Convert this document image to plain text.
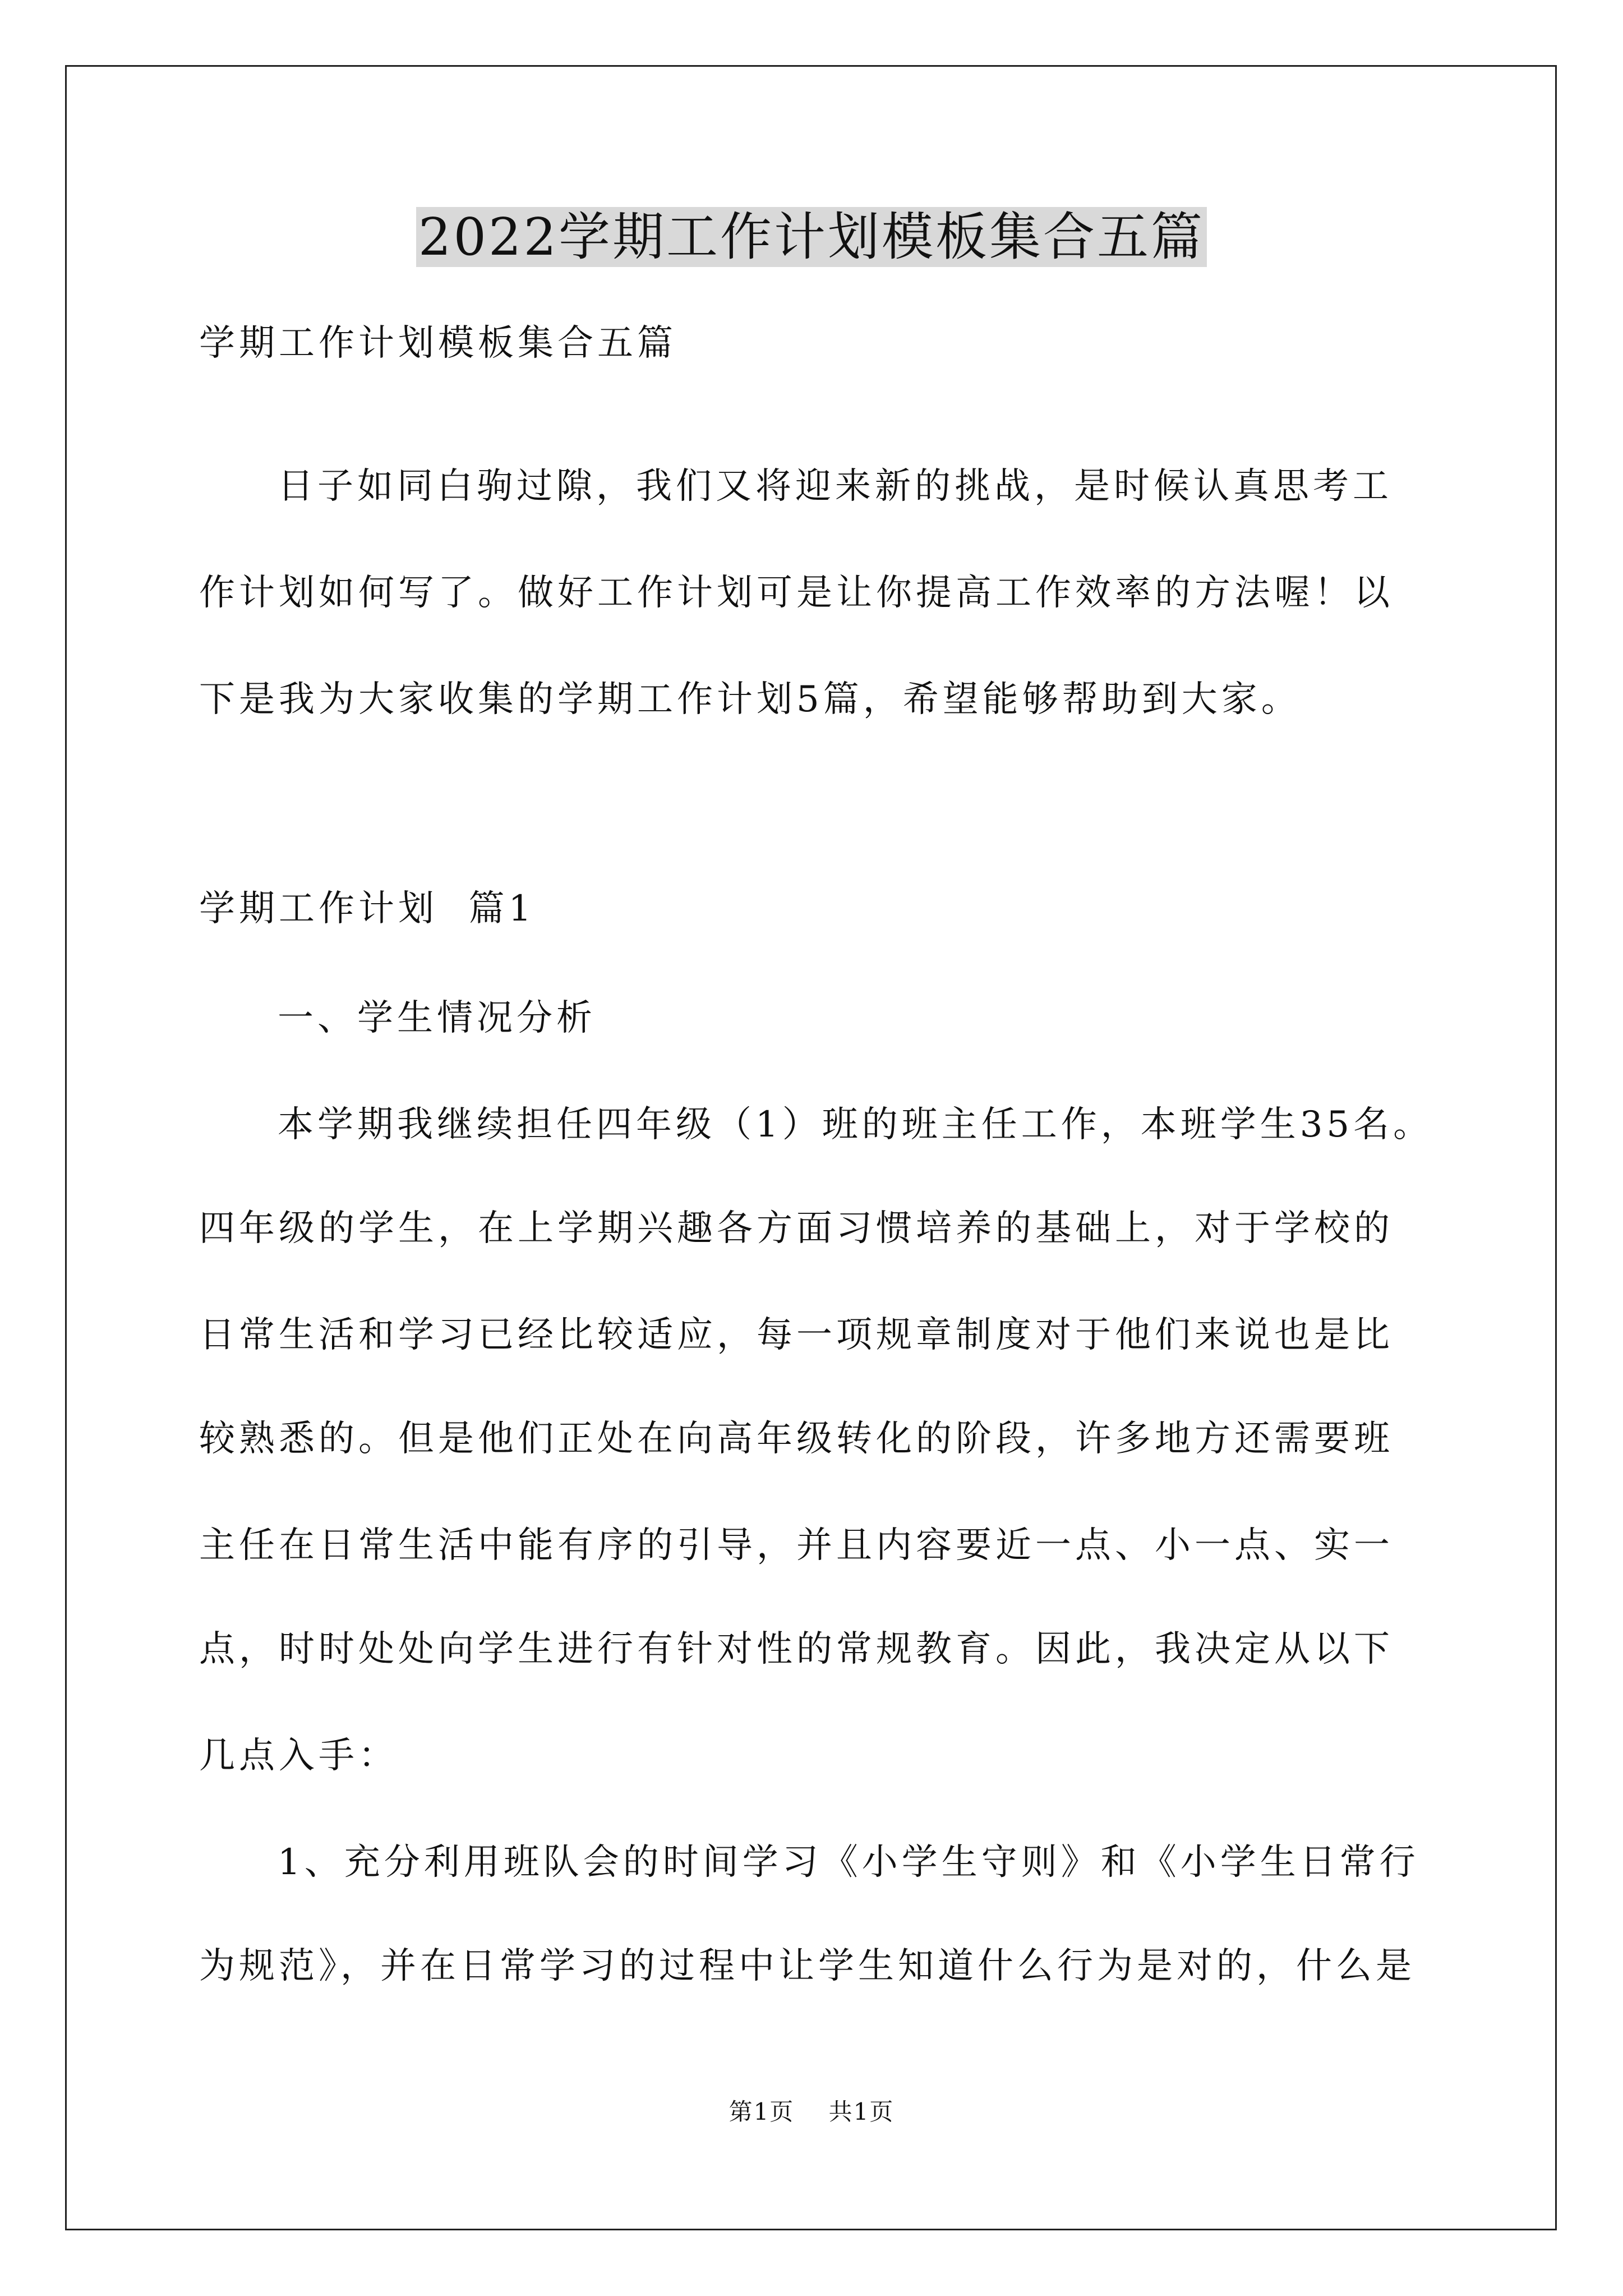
2022学期工作计划模板集合五篇

学期工作计划模板集合五篇

日子如同白驹过隙，我们又将迎来新的挑战，是时候认真思考工

作计划如何写了。做好工作计划可是让你提高工作效率的方法喔！以

下是我为大家收集的学期工作计划5篇，希望能够帮助到大家。

学期工作计划  篇1

一、学生情况分析

本学期我继续担任四年级（1）班的班主任工作，本班学生35名。

四年级的学生，在上学期兴趣各方面习惯培养的基础上，对于学校的

日常生活和学习已经比较适应，每一项规章制度对于他们来说也是比

较熟悉的。但是他们正处在向高年级转化的阶段，许多地方还需要班

主任在日常生活中能有序的引导，并且内容要近一点、小一点、实一

点，时时处处向学生进行有针对性的常规教育。因此，我决定从以下

几点入手：

1、充分利用班队会的时间学习《小学生守则》和《小学生日常行

为规范》，并在日常学习的过程中让学生知道什么行为是对的，什么是

第1页    共1页
